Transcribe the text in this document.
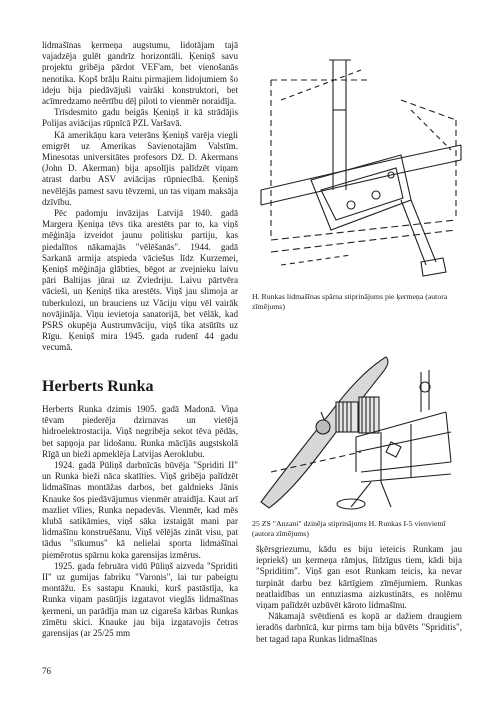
lidmašīnas ķermeņa augstumu, lidotājam tajā vajadzēja gulēt gandrīz horizontāli. Ķeniņš savu projektu gribēja pārdot VEF'am, bet vienošanās nenotika. Kopš brāļu Raitu pirmajiem lidojumiem šo ideju bija piedāvājuši vairāki konstruktori, bet acīmredzamo neērtību dēļ piloti to vienmēr noraidīja.

Trīsdesmito gadu beigās Ķeniņš it kā strādājis Polijas aviācijas rūpnīcā PZL Varšavā.

Kā amerikāņu kara veterāns Ķeniņš varēja viegli emigrēt uz Amerikas Savienotajām Valstīm. Minesotas universitātes profesors Dž. D. Akermans (John D. Akerman) bija apsolījis palīdzēt viņam atrast darbu ASV aviācijas rūpniecībā. Ķeniņš nevēlējās pamest savu tēvzemi, un tas viņam maksāja dzīvību.

Pēc padomju invāzijas Latvijā 1940. gadā Margera Ķeniņa tēvs tika arestēts par to, ka viņš mēģināja izveidot jaunu politisku partiju, kas piedalītos nākamajās "vēlēšanās". 1944. gadā Sarkanā armija atspieda vāciešus līdz Kurzemei, Ķeniņš mēģināja glābties, bēgot ar zvejnieku laivu pāri Baltijas jūrai uz Zviedriju. Laivu pārtvēra vācieši, un Ķeniņš tika arestēts. Viņš jau slimoja ar tuberkulozi, un brauciens uz Vāciju viņu vēl vairāk novājināja. Viņu ievietoja sanatorijā, bet vēlāk, kad PSRS okupēja Austrumvāciju, viņš tika atsūtīts uz Rīgu. Ķeniņš mira 1945. gada rudenī 44 gadu vecumā.

Herberts Runka

Herberts Runka dzimis 1905. gadā Madonā. Viņa tēvam piederēja dzirnavas un vietējā hidroelektrostacija. Viņš negribēja sekot tēva pēdās, bet sapņoja par lidošanu. Runka mācījās augstskolā Rīgā un bieži apmeklēja Latvijas Aeroklubu.

1924. gadā Pūliņš darbnīcās būvēja "Spriditi II" un Runka bieži nāca skatīties. Viņš gribēja palīdzēt lidmašīnas montāžas darbos, bet galdnieks Jānis Knauke šos piedāvājumus vienmēr atraidīja. Kaut arī mazliet vīlies, Runka nepadevās. Vienmēr, kad mēs klubā satikāmies, viņš sāka izstaigāt mani par lidmašīnu konstruēšanu. Viņš vēlējās zināt visu, pat tādus "sīkumus" kā nelielai sporta lidmašīnai piemērotus spārnu koka garensijas izmērus.

1925. gada februāra vidū Pūliņš aizveda "Spriditi II" uz gumijas fabriku "Varonis", lai tur pabeigtu montāžu. Es sastapu Knauki, kurš pastāstīja, ka Runka viņam pasūtījis izgatavot vieglās lidmašīnas ķermeni, un parādīja man uz cigareša kārbas Runkas zīmētu skici. Knauke jau bija izgatavojis četras garensijas (ar 25/25 mm

H. Runkas lidmašīnas spārna stiprinājums pie ķermeņa (autora zīmējums)

25 ZS "Anzani" dzinēja stiprinājums H. Runkas I-5 vienvietnī (autora zīmējums)

šķērsgriezumu, kādu es biju ieteicis Runkam jau iepriekš) un ķermeņa rāmjus, līdzīgus tiem, kādi bija "Spriditim". Viņš gan esot Runkam teicis, ka nevar turpināt darbu bez kārtīgiem zīmējumiem. Runkas neatlaidības un entuziasma aizkustināts, es nolēmu viņam palīdzēt uzbūvēt kāroto lidmašīnu.

Nākamajā svētdienā es kopā ar dažiem draugiem ieradōs darbnīcā, kur pirms tam bija būvēts "Spriditis", bet tagad tapa Runkas lidmašīnas

76
